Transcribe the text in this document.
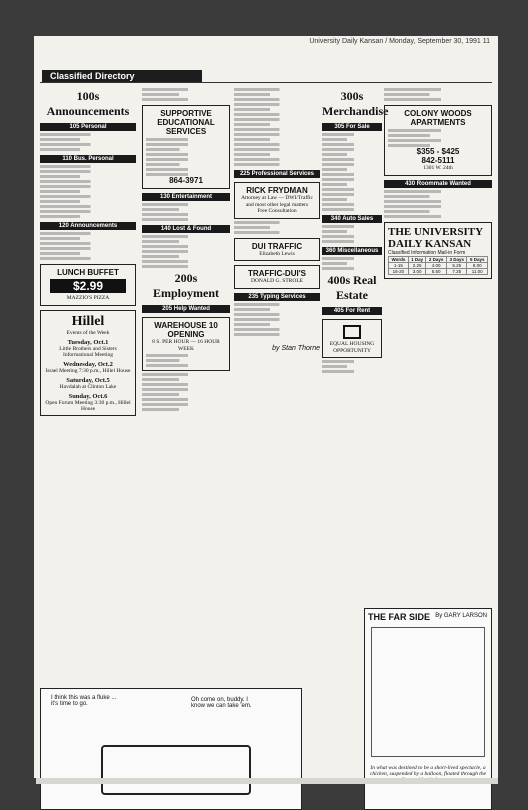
University Daily Kansan / Monday, September 30, 1991 11
Classified Directory
100s Announcements
105 Personal
110 Bus. Personal
120 Announcements
LUNCH BUFFET
$2.99

MAZZIO'S PIZZA

Hillel
Events of the Week
Tuesday, Oct.1
Little Brothers and Sisters Informational Meeting
Wednesday, Oct.2
Israel Meeting 7:30 p.m., Hillel House
Saturday, Oct.5
Havdalah at Clinton Lake
Sunday, Oct.6
Open Forum Meeting 3:30 p.m., Hillel House
SUPPORTIVE EDUCATIONAL SERVICES
864-3971
130 Entertainment
140 Lost & Found
200s Employment
205 Help Wanted
WAREHOUSE 10 OPENING

8 S. PER HOUR — 16 HOUR WEEK

225 Professional Services
RICK FRYDMAN

Attorney at Law — DWI/Traffic and most other legal matters

Free Consultation

DUI TRAFFIC

Elizabeth Lewis

TRAFFIC-DUI'S

DONALD G. STROLE

235 Typing Services
by Stan Thorne
300s Merchandise
305 For Sale
340 Auto Sales
360 Miscellaneous
400s Real Estate
405 For Rent

EQUAL HOUSING OPPORTUNITY

COLONY WOODS APARTMENTS
$355 - $425
842-5111

1301 W. 24th

430 Roommate Wanted
THE UNIVERSITY DAILY KANSAN

Classified Information Mail-in Form

Words	1 Day	2 Days	3 Days	5 Days
1-15	2.25	4.00	5.25	8.00
16-20	3.00	5.50	7.25	11.00
I think this was a fluke ... it's time to go.
Oh come on, buddy. I know we can take 'em.
THE FAR SIDE By GARY LARSON
In what was destined to be a short-lived spectacle, a chicken, suspended by a balloon, floated through the
